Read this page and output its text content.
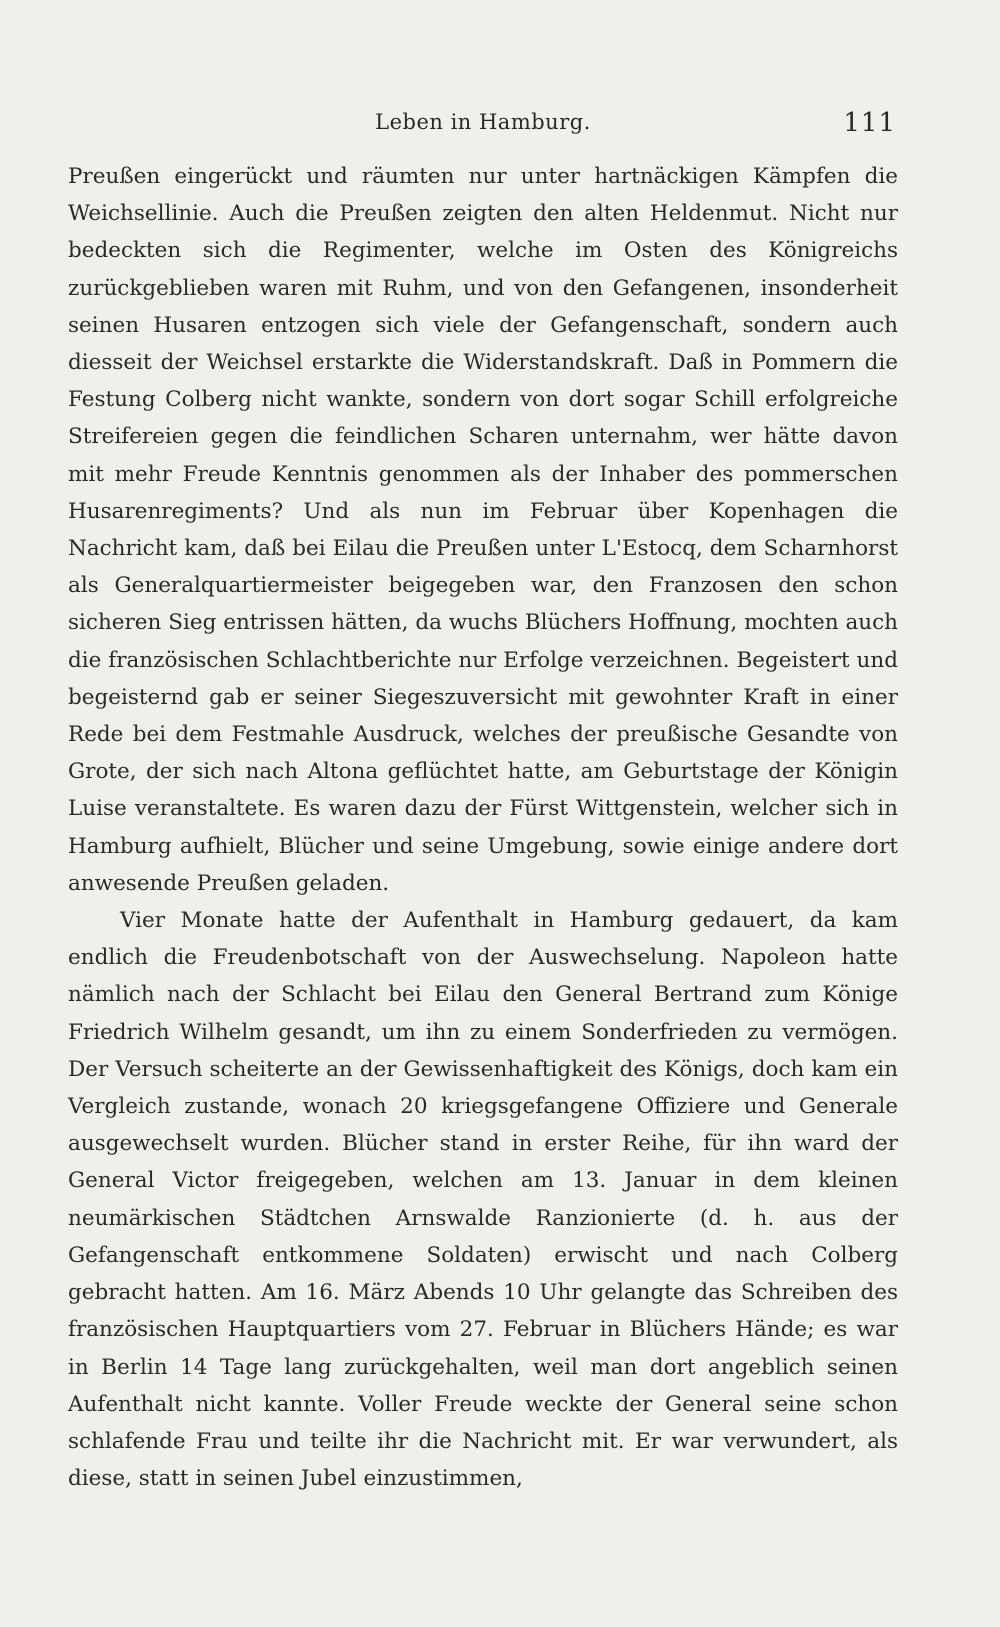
Leben in Hamburg.	111

Preußen eingerückt und räumten nur unter hartnäckigen Kämpfen die Weichsellinie. Auch die Preußen zeigten den alten Heldenmut. Nicht nur bedeckten sich die Regimenter, welche im Osten des Königreichs zurückgeblieben waren mit Ruhm, und von den Gefangenen, insonderheit seinen Husaren entzogen sich viele der Gefangenschaft, sondern auch diesseit der Weichsel erstarkte die Widerstandskraft. Daß in Pommern die Festung Colberg nicht wankte, sondern von dort sogar Schill erfolgreiche Streifereien gegen die feindlichen Scharen unternahm, wer hätte davon mit mehr Freude Kenntnis genommen als der Inhaber des pommerschen Husarenregiments? Und als nun im Februar über Kopenhagen die Nachricht kam, daß bei Eilau die Preußen unter L'Estocq, dem Scharnhorst als Generalquartiermeister beigegeben war, den Franzosen den schon sicheren Sieg entrissen hätten, da wuchs Blüchers Hoffnung, mochten auch die französischen Schlachtberichte nur Erfolge verzeichnen. Begeistert und begeisternd gab er seiner Siegeszuversicht mit gewohnter Kraft in einer Rede bei dem Festmahle Ausdruck, welches der preußische Gesandte von Grote, der sich nach Altona geflüchtet hatte, am Geburtstage der Königin Luise veranstaltete. Es waren dazu der Fürst Wittgenstein, welcher sich in Hamburg aufhielt, Blücher und seine Umgebung, sowie einige andere dort anwesende Preußen geladen.

Vier Monate hatte der Aufenthalt in Hamburg gedauert, da kam endlich die Freudenbotschaft von der Auswechselung. Napoleon hatte nämlich nach der Schlacht bei Eilau den General Bertrand zum Könige Friedrich Wilhelm gesandt, um ihn zu einem Sonderfrieden zu vermögen. Der Versuch scheiterte an der Gewissenhaftigkeit des Königs, doch kam ein Vergleich zustande, wonach 20 kriegsgefangene Offiziere und Generale ausgewechselt wurden. Blücher stand in erster Reihe, für ihn ward der General Victor freigegeben, welchen am 13. Januar in dem kleinen neumärkischen Städtchen Arnswalde Ranzionierte (d. h. aus der Gefangenschaft entkommene Soldaten) erwischt und nach Colberg gebracht hatten. Am 16. März Abends 10 Uhr gelangte das Schreiben des französischen Hauptquartiers vom 27. Februar in Blüchers Hände; es war in Berlin 14 Tage lang zurückgehalten, weil man dort angeblich seinen Aufenthalt nicht kannte. Voller Freude weckte der General seine schon schlafende Frau und teilte ihr die Nachricht mit. Er war verwundert, als diese, statt in seinen Jubel einzustimmen,
